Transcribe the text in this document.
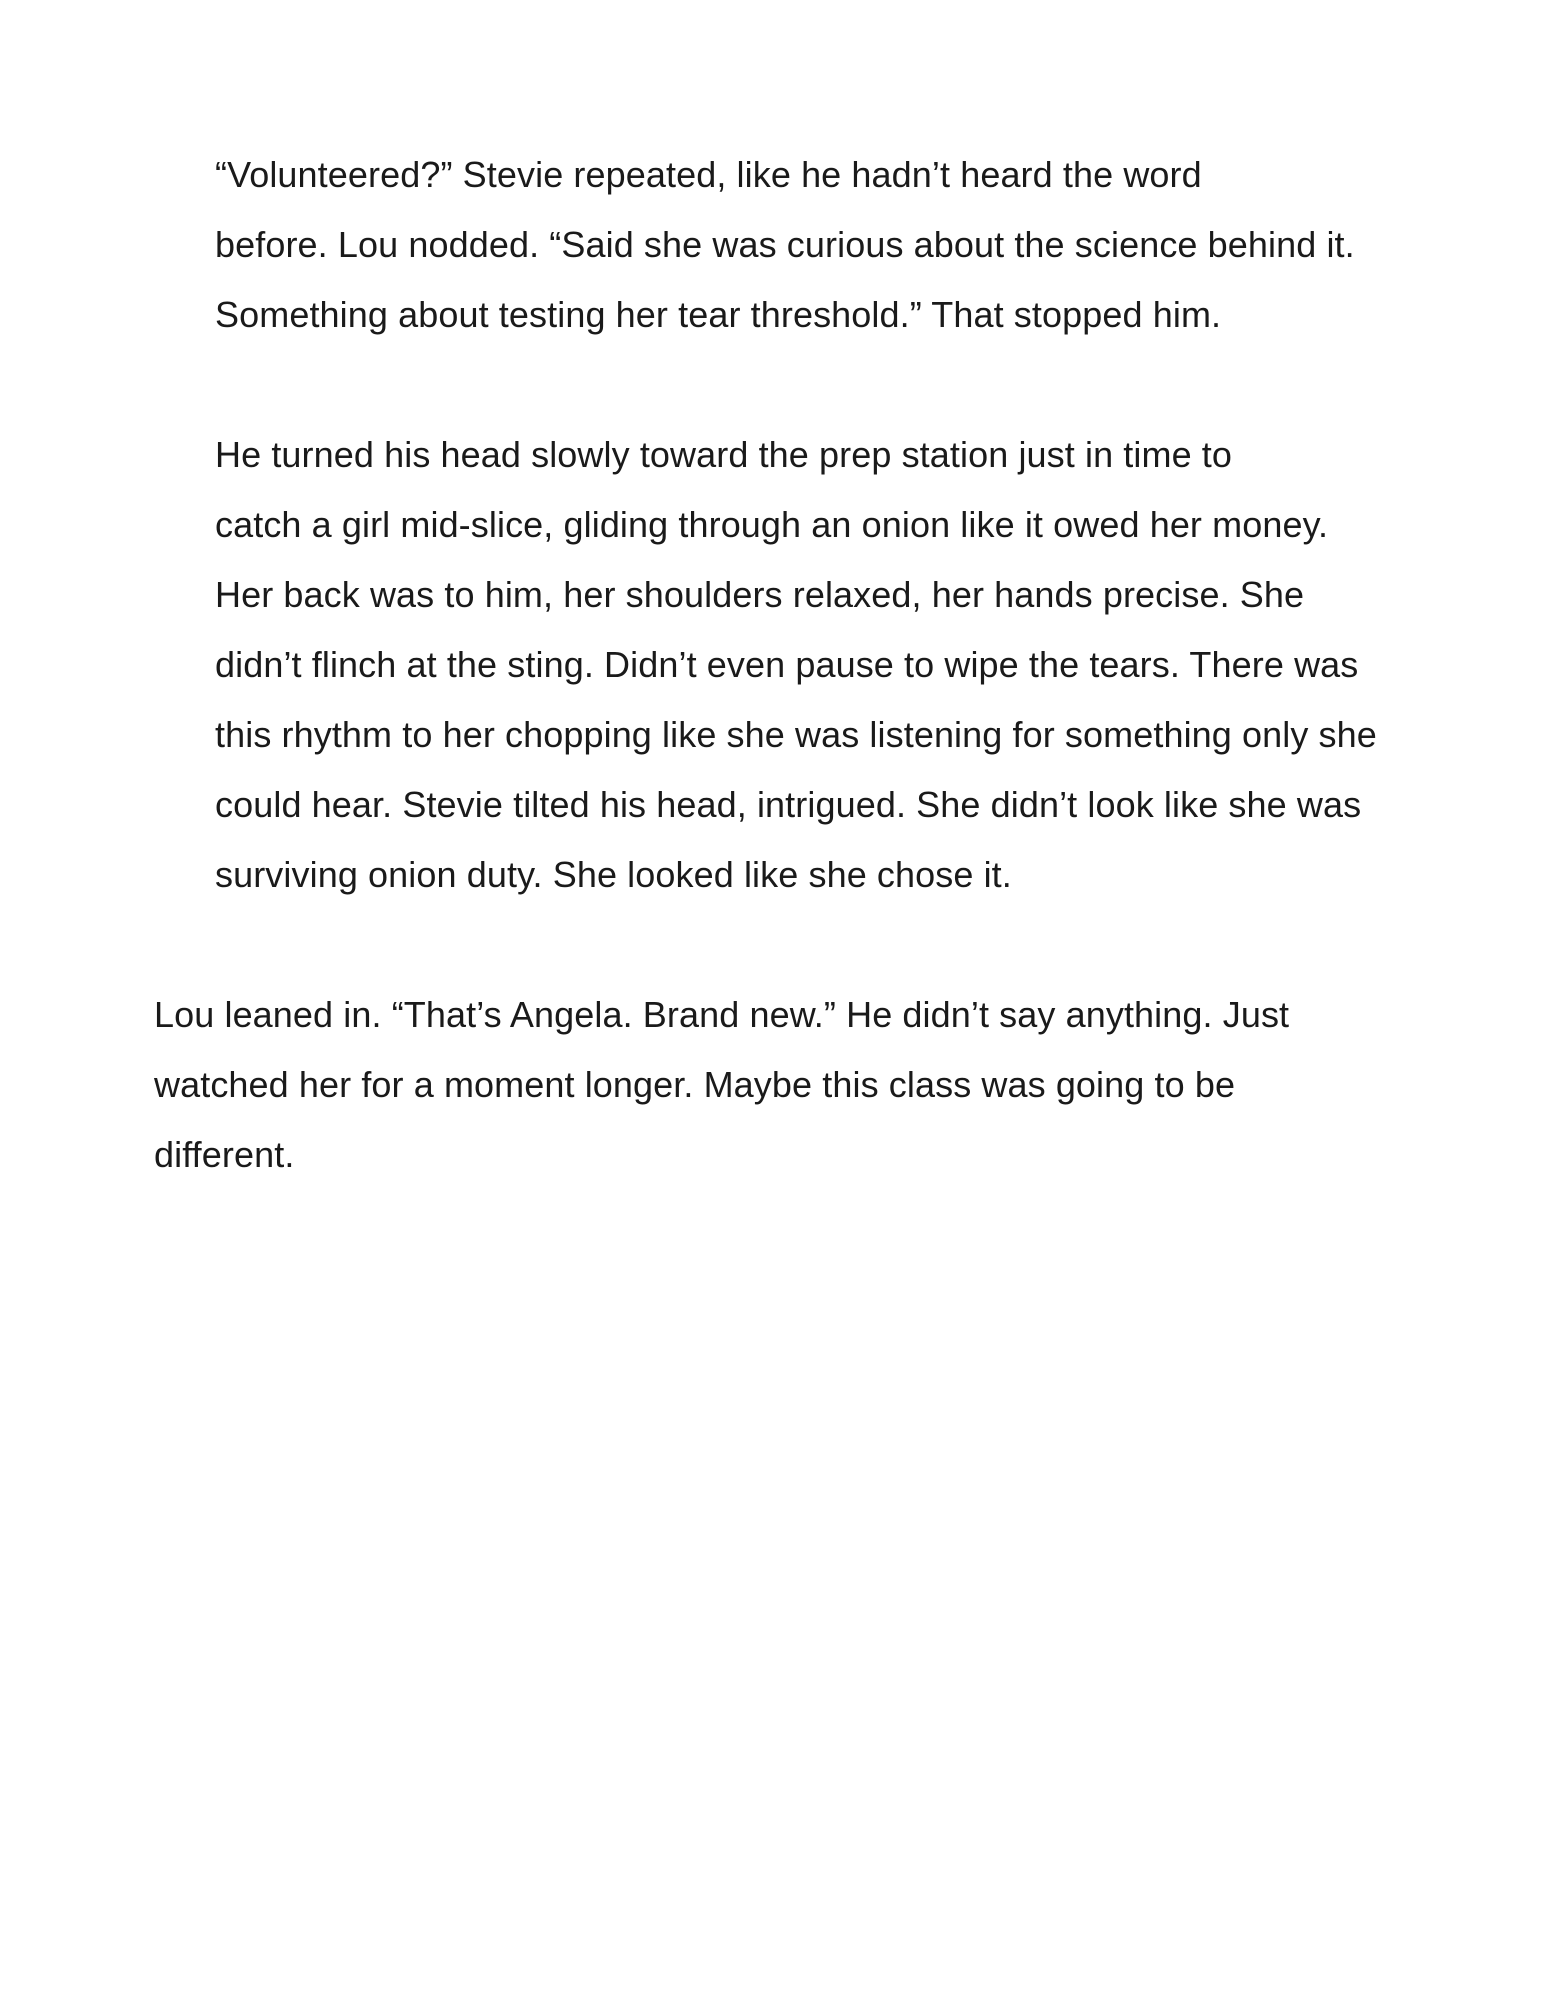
“Volunteered?” Stevie repeated, like he hadn’t heard the word
before. Lou nodded. “Said she was curious about the science behind it.
Something about testing her tear threshold.” That stopped him.

He turned his head slowly toward the prep station just in time to
catch a girl mid-slice, gliding through an onion like it owed her money.
Her back was to him, her shoulders relaxed, her hands precise. She
didn’t flinch at the sting. Didn’t even pause to wipe the tears. There was
this rhythm to her chopping like she was listening for something only she
could hear. Stevie tilted his head, intrigued. She didn’t look like she was
surviving onion duty. She looked like she chose it.

Lou leaned in. “That’s Angela. Brand new.” He didn’t say anything. Just
watched her for a moment longer. Maybe this class was going to be
different.
